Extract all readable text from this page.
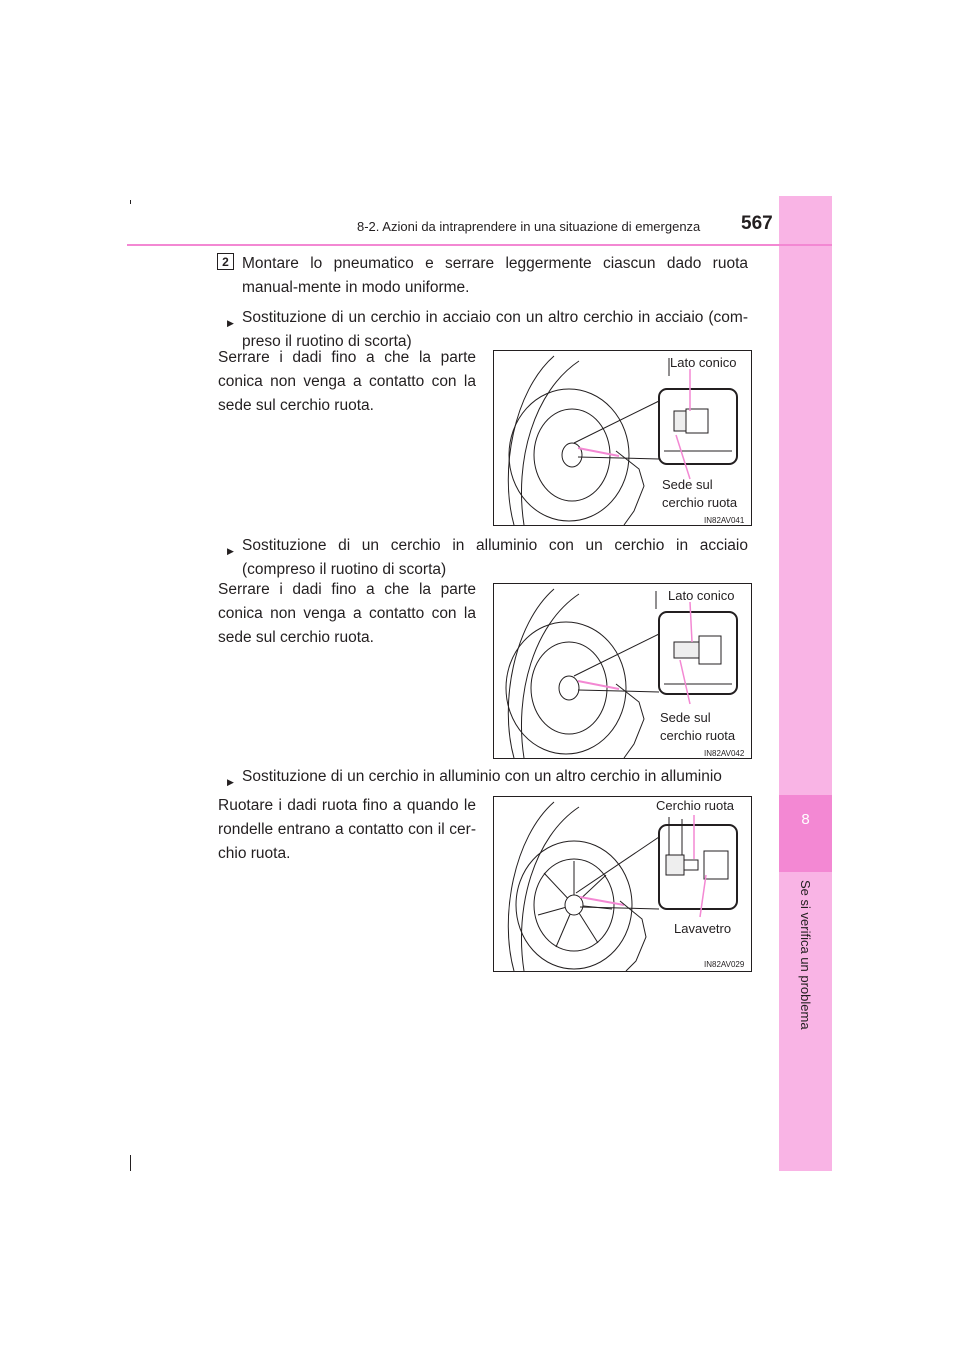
8
Se si verifica un problema
8-2. Azioni da intraprendere in una situazione di emergenza 567
2 Montare lo pneumatico e serrare leggermente ciascun dado ruota manual-mente in modo uniforme.
▶ Sostituzione di un cerchio in acciaio con un altro cerchio in acciaio (com-preso il ruotino di scorta)
Serrare i dadi fino a che la parte conica non venga a contatto con la sede sul cerchio ruota.
Lato conico
Sede sul
cerchio ruota
IN82AV041
▶ Sostituzione di un cerchio in alluminio con un cerchio in acciaio (compreso il ruotino di scorta)
Serrare i dadi fino a che la parte conica non venga a contatto con la sede sul cerchio ruota.
Lato conico
Sede sul
cerchio ruota
IN82AV042
▶ Sostituzione di un cerchio in alluminio con un altro cerchio in alluminio
Ruotare i dadi ruota fino a quando le rondelle entrano a contatto con il cer-chio ruota.
Cerchio ruota
Lavavetro
IN82AV029
